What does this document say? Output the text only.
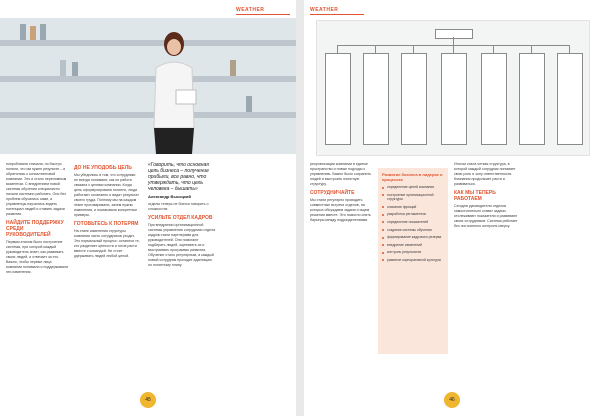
WEATHER

попробовали сначала, но быстро поняли, что им нужен результат – и обратились к консалтинговой компании. Это и стало переломным моментом. С внедрением новой системы обучения специалисты начали системно работать. Они без проблем обучались сами, а управленцы научились видеть потенциал людей и ставить задачи развития.

НАЙДИТЕ ПОДДЕРЖКУ СРЕДИ РУКОВОДИТЕЛЕЙ

Первым этапом было построение системы, при которой каждый руководитель знает, как развивать своих людей, и отвечает за это. Важно, чтобы первые лица компании понимали и поддерживали эти изменения.

ДО НЕ УПОДОБЬ ЦЕЛЬ

Мы убедились в том, что сотрудники не всегда понимают, как их работа связана с целями компании. Когда цель сформулирована понятно, люди работают осознанно и видят результат своего труда. Поэтому мы на каждом этапе проговаривали, зачем нужны изменения, и показывали конкретные примеры.

ГОТОВЬТЕСЬ К ПОТЕРЯМ

На этапе изменения структуры компании часть сотрудников уходит. Это нормальный процесс: остаются те, кто разделяет ценности и готов расти вместе с командой. Не стоит удерживать людей любой ценой.

«Говорить, что основная цель бизнеса – получение прибыли, все равно, что утверждать, что цель человека – дышать»
Александр Высоцкий

отделы теперь не боятся говорить о сложностях.

УСИЛЬТЕ ОТДЕЛ КАДРОВ

При внедрении организационной системы управления сотрудники отдела кадров стали партнерами для руководителей. Они помогают подбирать людей, оценивать их и выстраивать программы развития. Обучение стало регулярным, а каждый новый сотрудник проходит адаптацию по понятному плану.

45
WEATHER

реорганизации компании в единое пространство и новые подходы к управлению. Важно было сохранить людей и выстроить понятную структуру.

СОТРУДНИЧАЙТЕ

Мы стали регулярно проводить совместные встречи отделов, на которых обсуждаем задачи и ищем решения вместе. Это помогло снять барьеры между подразделениями.

Развитие бизнеса в лидерах и процессах
определение целей компании
построение организационной структуры
описание функций
разработка регламентов
определение показателей
создание системы обучения
формирование кадрового резерва
внедрение изменений
контроль результатов
развитие корпоративной культуры

Итогом стала четкая структура, в которой каждый сотрудник понимает свою роль и зону ответственности. Компания продолжает расти и развиваться.

КАК МЫ ТЕПЕРЬ РАБОТАЕМ

Сегодня руководители отделов самостоятельно ставят задачи, отслеживают показатели и развивают своих сотрудников. Система работает без постоянного контроля сверху.

46
